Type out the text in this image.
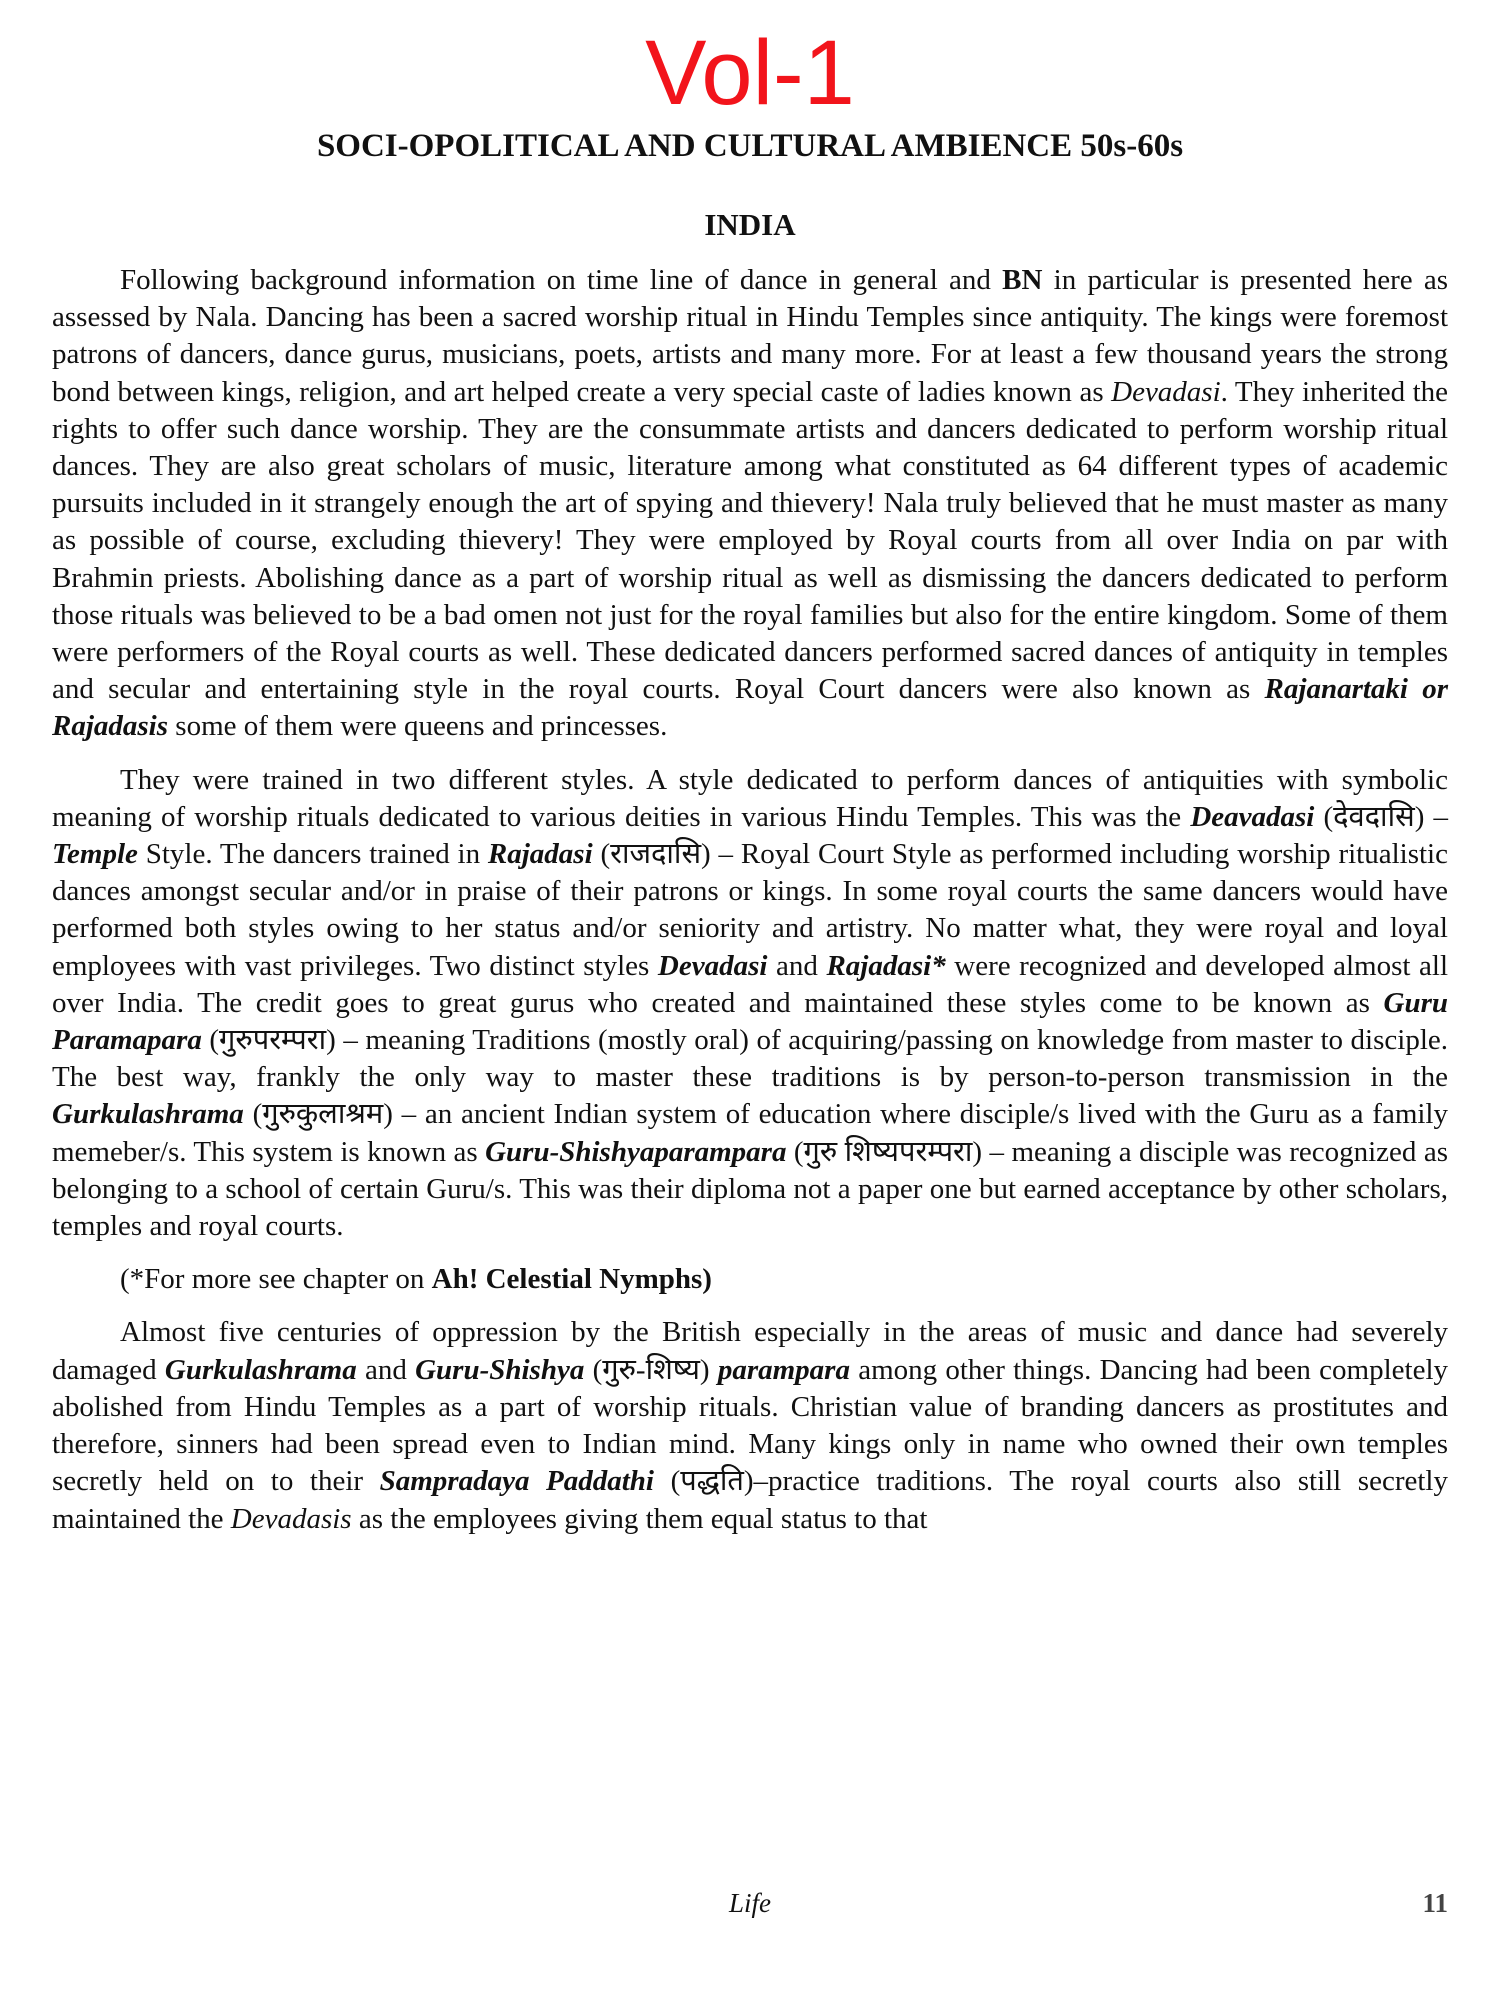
Vol-1
SOCI-OPOLITICAL AND CULTURAL AMBIENCE 50s-60s
INDIA

Following background information on time line of dance in general and BN in particular is presented here as assessed by Nala. Dancing has been a sacred worship ritual in Hindu Temples since antiquity. The kings were foremost patrons of dancers, dance gurus, musicians, poets, artists and many more. For at least a few thousand years the strong bond between kings, religion, and art helped create a very special caste of ladies known as Devadasi. They inherited the rights to offer such dance worship. They are the consummate artists and dancers dedicated to perform worship ritual dances. They are also great scholars of music, literature among what constituted as 64 different types of academic pursuits included in it strangely enough the art of spying and thievery! Nala truly believed that he must master as many as possible of course, excluding thievery! They were employed by Royal courts from all over India on par with Brahmin priests. Abolishing dance as a part of worship ritual as well as dismissing the dancers dedicated to perform those rituals was believed to be a bad omen not just for the royal families but also for the entire kingdom. Some of them were performers of the Royal courts as well. These dedicated dancers performed sacred dances of antiquity in temples and secular and entertaining style in the royal courts. Royal Court dancers were also known as Rajanartaki or Rajadasis some of them were queens and princesses.

They were trained in two different styles. A style dedicated to perform dances of antiquities with symbolic meaning of worship rituals dedicated to various deities in various Hindu Temples. This was the Deavadasi (देवदासि) – Temple Style. The dancers trained in Rajadasi (राजदासि) – Royal Court Style as performed including worship ritualistic dances amongst secular and/or in praise of their patrons or kings. In some royal courts the same dancers would have performed both styles owing to her status and/or seniority and artistry. No matter what, they were royal and loyal employees with vast privileges. Two distinct styles Devadasi and Rajadasi* were recognized and developed almost all over India. The credit goes to great gurus who created and maintained these styles come to be known as Guru Paramapara (गुरुपरम्परा) – meaning Traditions (mostly oral) of acquiring/passing on knowledge from master to disciple. The best way, frankly the only way to master these traditions is by person-to-person transmission in the Gurkulashrama (गुरुकुलाश्रम) – an ancient Indian system of education where disciple/s lived with the Guru as a family memeber/s. This system is known as Guru-Shishyaparampara (गुरु शिष्यपरम्परा) – meaning a disciple was recognized as belonging to a school of certain Guru/s. This was their diploma not a paper one but earned acceptance by other scholars, temples and royal courts.

(*For more see chapter on Ah! Celestial Nymphs)

Almost five centuries of oppression by the British especially in the areas of music and dance had severely damaged Gurkulashrama and Guru-Shishya (गुरु-शिष्य) parampara among other things. Dancing had been completely abolished from Hindu Temples as a part of worship rituals. Christian value of branding dancers as prostitutes and therefore, sinners had been spread even to Indian mind. Many kings only in name who owned their own temples secretly held on to their Sampradaya Paddathi (पद्धति)–practice traditions. The royal courts also still secretly maintained the Devadasis as the employees giving them equal status to that

Life	11
